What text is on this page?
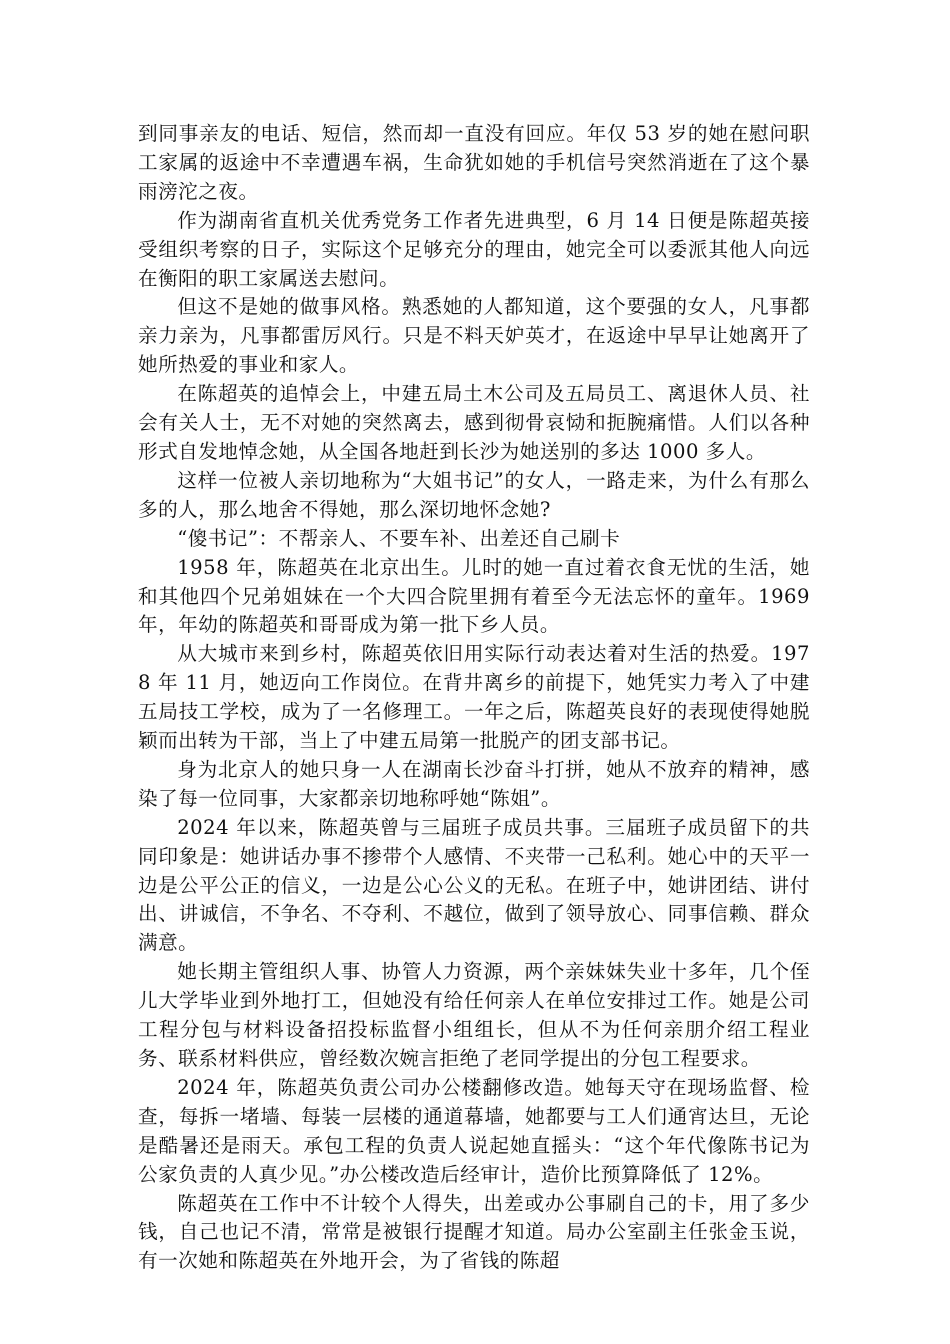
到同事亲友的电话、短信，然而却一直没有回应。年仅 53 岁的她在慰问职工家属的返途中不幸遭遇车祸，生命犹如她的手机信号突然消逝在了这个暴雨滂沱之夜。

作为湖南省直机关优秀党务工作者先进典型，6 月 14 日便是陈超英接受组织考察的日子，实际这个足够充分的理由，她完全可以委派其他人向远在衡阳的职工家属送去慰问。

但这不是她的做事风格。熟悉她的人都知道，这个要强的女人，凡事都亲力亲为，凡事都雷厉风行。只是不料天妒英才，在返途中早早让她离开了她所热爱的事业和家人。

在陈超英的追悼会上，中建五局土木公司及五局员工、离退休人员、社会有关人士，无不对她的突然离去，感到彻骨哀恸和扼腕痛惜。人们以各种形式自发地悼念她，从全国各地赶到长沙为她送别的多达 1000 多人。

这样一位被人亲切地称为“大姐书记”的女人，一路走来，为什么有那么多的人，那么地舍不得她，那么深切地怀念她?

“傻书记”：不帮亲人、不要车补、出差还自己刷卡

1958 年，陈超英在北京出生。儿时的她一直过着衣食无忧的生活，她和其他四个兄弟姐妹在一个大四合院里拥有着至今无法忘怀的童年。1969 年，年幼的陈超英和哥哥成为第一批下乡人员。

从大城市来到乡村，陈超英依旧用实际行动表达着对生活的热爱。1978 年 11 月，她迈向工作岗位。在背井离乡的前提下，她凭实力考入了中建五局技工学校，成为了一名修理工。一年之后，陈超英良好的表现使得她脱颖而出转为干部，当上了中建五局第一批脱产的团支部书记。

身为北京人的她只身一人在湖南长沙奋斗打拼，她从不放弃的精神，感染了每一位同事，大家都亲切地称呼她“陈姐”。

2024 年以来，陈超英曾与三届班子成员共事。三届班子成员留下的共同印象是：她讲话办事不掺带个人感情、不夹带一己私利。她心中的天平一边是公平公正的信义，一边是公心公义的无私。在班子中，她讲团结、讲付出、讲诚信，不争名、不夺利、不越位，做到了领导放心、同事信赖、群众满意。

她长期主管组织人事、协管人力资源，两个亲妹妹失业十多年，几个侄儿大学毕业到外地打工，但她没有给任何亲人在单位安排过工作。她是公司工程分包与材料设备招投标监督小组组长，但从不为任何亲朋介绍工程业务、联系材料供应，曾经数次婉言拒绝了老同学提出的分包工程要求。

2024 年，陈超英负责公司办公楼翻修改造。她每天守在现场监督、检查，每拆一堵墙、每装一层楼的通道幕墙，她都要与工人们通宵达旦，无论是酷暑还是雨天。承包工程的负责人说起她直摇头：“这个年代像陈书记为公家负责的人真少见。”办公楼改造后经审计，造价比预算降低了 12%。

陈超英在工作中不计较个人得失，出差或办公事刷自己的卡，用了多少钱，自己也记不清，常常是被银行提醒才知道。局办公室副主任张金玉说，有一次她和陈超英在外地开会，为了省钱的陈超
